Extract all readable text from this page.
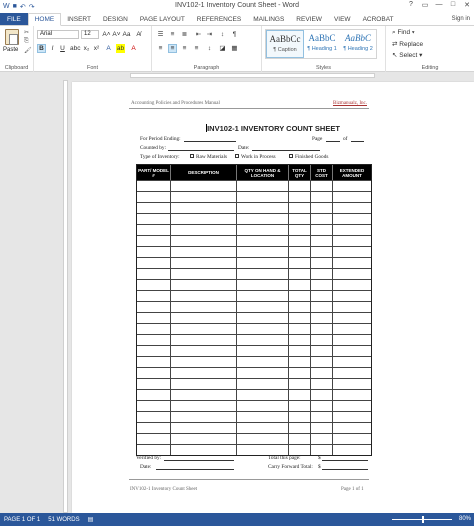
W ■ ↶ ↷	INV102-1 Inventory Count Sheet - Word	?	▭ —	□	✕
FILE	HOME	INSERT	DESIGN	PAGE LAYOUT	REFERENCES	MAILINGS	REVIEW	VIEW	ACROBAT	Sign in
Paste
✂
⎘
🖌
Clipboard
Arial	12	A˄ A˅ Aa A̸
B	I	U abc x₂ x²	A ab	A
Font
☰	≡	≣ ⇤ ⇥	↕	¶
≡	≡	≡	≡	↕	◪ ▦
Paragraph	Styles
AaBbCc
¶ Caption
AaBbC
¶ Heading 1
AaBbC
¶ Heading 2
Editing
⌕ Find ▾
⇄ Replace
↖ Select ▾
Accounting Policies and Procedures Manual	Bizmanualz, Inc.
INV102-1 INVENTORY COUNT SHEET
For Period Ending:	Page	of
Counted by:	Date:
Type of Inventory:	Raw Materials	Work in Process	Finished Goods
PART/ MODEL #	DESCRIPTION	QTY ON HAND & LOCATION
TOTAL QTY
STD COST
EXTENDED AMOUNT
Verified by:	Total this page:	$
Date:	Carry Forward Total: $
INV102-1 Inventory Count Sheet	Page 1 of 1
PAGE 1 OF 1	51 WORDS	▤	80%
